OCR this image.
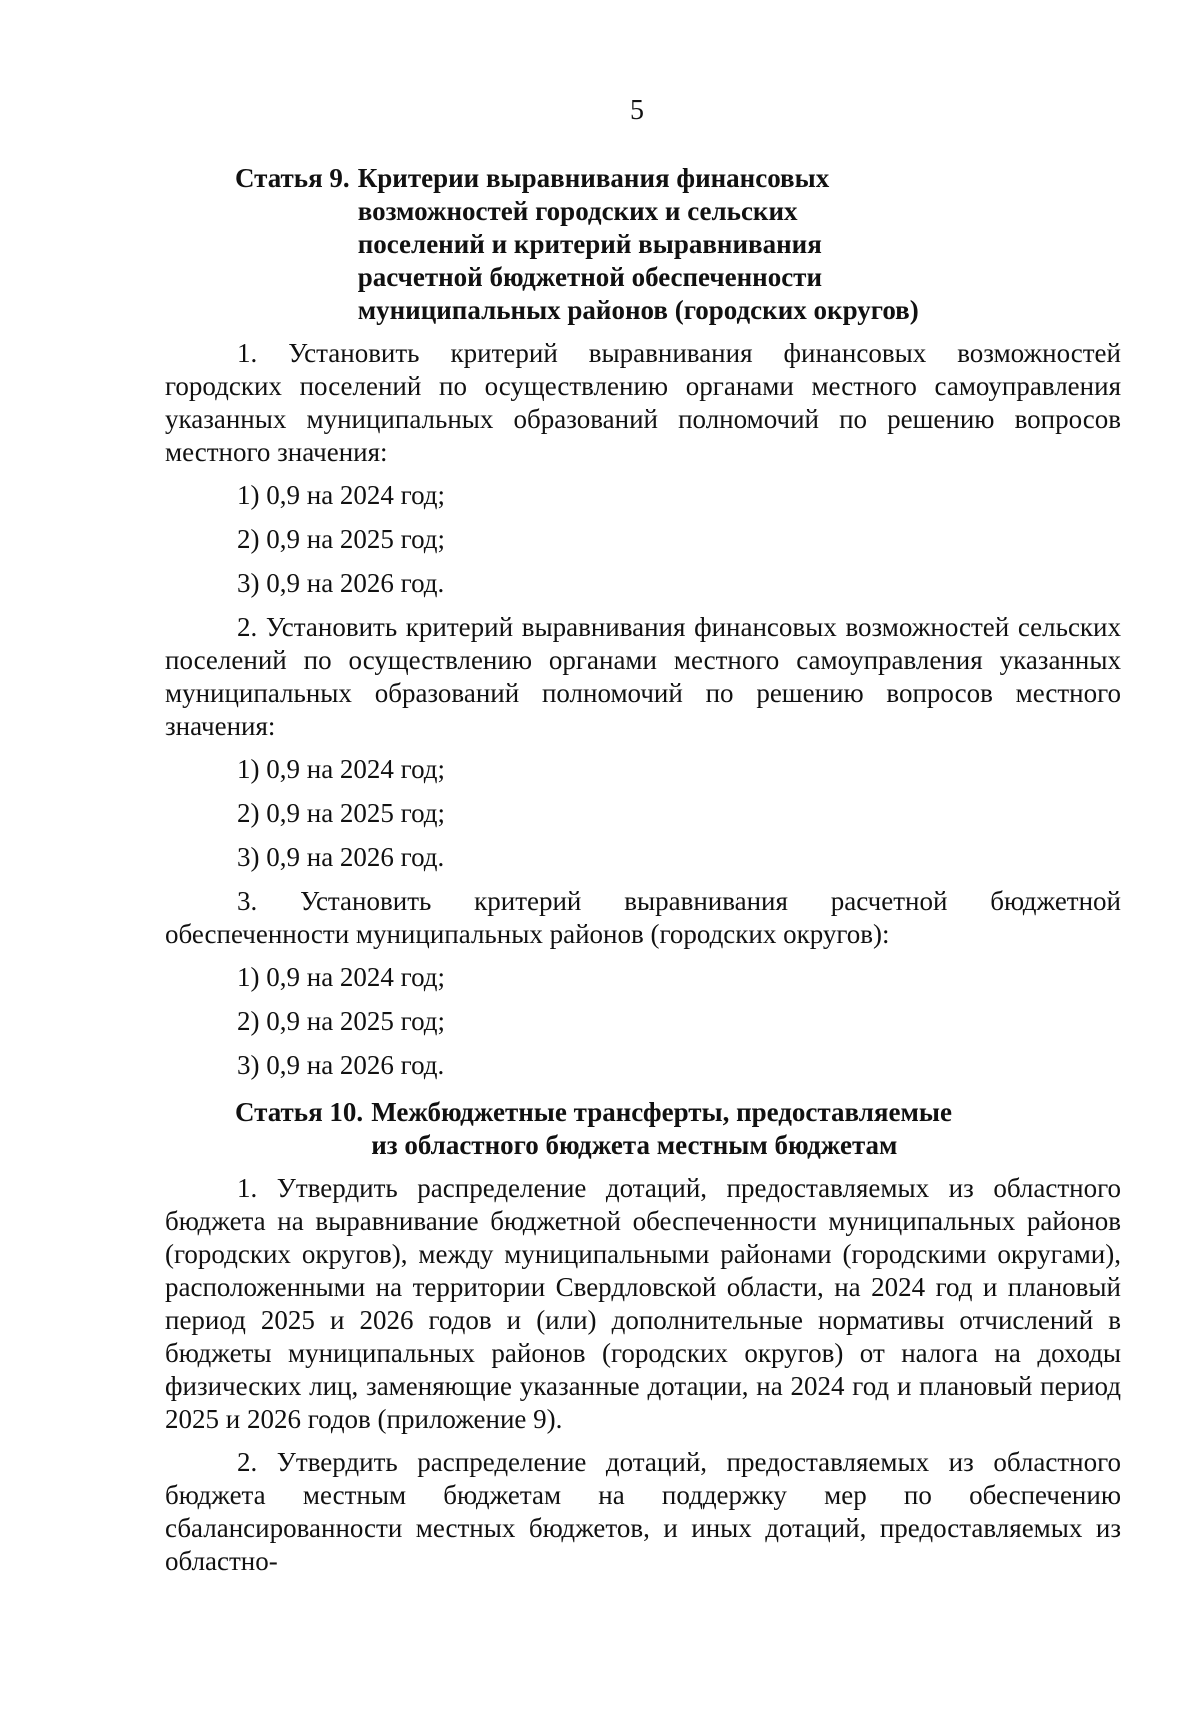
5
Статья 9. Критерии выравнивания финансовых
возможностей городских и сельских
поселений и критерий выравнивания
расчетной бюджетной обеспеченности
муниципальных районов (городских округов)

1. Установить критерий выравнивания финансовых возможностей городских поселений по осуществлению органами местного самоуправления указанных муниципальных образований полномочий по решению вопросов местного значения:

1) 0,9 на 2024 год;
2) 0,9 на 2025 год;
3) 0,9 на 2026 год.

2. Установить критерий выравнивания финансовых возможностей сельских поселений по осуществлению органами местного самоуправления указанных муниципальных образований полномочий по решению вопросов местного значения:

1) 0,9 на 2024 год;
2) 0,9 на 2025 год;
3) 0,9 на 2026 год.

3. Установить критерий выравнивания расчетной бюджетной обеспеченности муниципальных районов (городских округов):

1) 0,9 на 2024 год;
2) 0,9 на 2025 год;
3) 0,9 на 2026 год.
Статья 10. Межбюджетные трансферты, предоставляемые
из областного бюджета местным бюджетам

1. Утвердить распределение дотаций, предоставляемых из областного бюджета на выравнивание бюджетной обеспеченности муниципальных районов (городских округов), между муниципальными районами (городскими округами), расположенными на территории Свердловской области, на 2024 год и плановый период 2025 и 2026 годов и (или) дополнительные нормативы отчислений в бюджеты муниципальных районов (городских округов) от налога на доходы физических лиц, заменяющие указанные дотации, на 2024 год и плановый период 2025 и 2026 годов (приложение 9).

2. Утвердить распределение дотаций, предоставляемых из областного бюджета местным бюджетам на поддержку мер по обеспечению сбалансированности местных бюджетов, и иных дотаций, предоставляемых из областно-
